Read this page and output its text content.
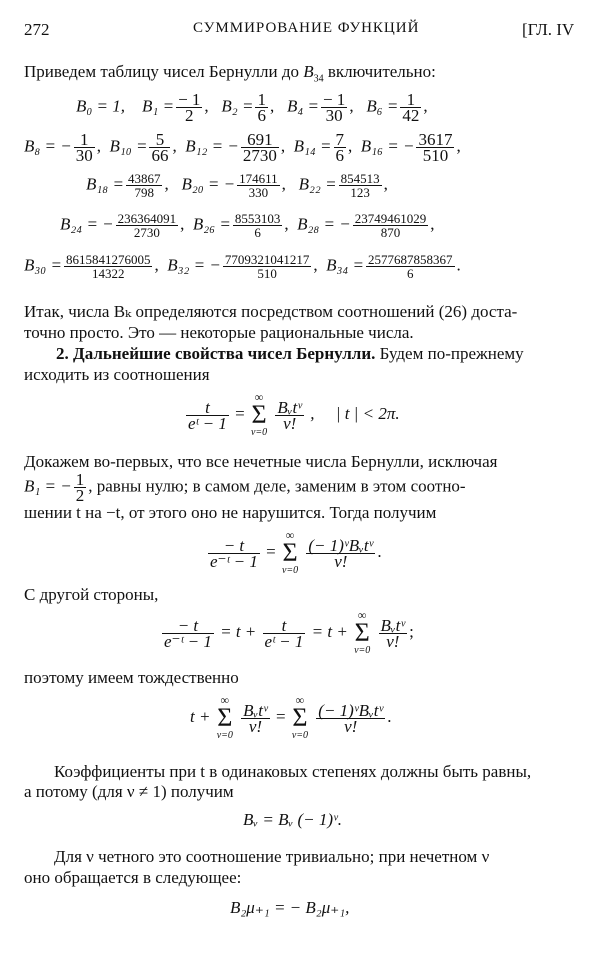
272	СУММИРОВАНИЕ ФУНКЦИЙ	[ГЛ. IV
Приведем таблицу чисел Бернулли до $B_{34}$ включительно:
B₀ = 1, $B_1 = \frac{- 1}{2}$ ,   $B_2 = \frac{1}{6}$ ,   $B_4 = \frac{- 1}{30}$ ,   $B_6 = \frac{1}{42}$ ,
B₈ = − $\frac{1}{30}$ ,  $B_{10} = \frac{5}{66}$ ,  B₁₂ = − $\frac{691}{2730}$ ,  $B_{14} = \frac{7}{6}$ ,  B₁₆ = − $\frac{3617}{510}$ ,
$B_{18} = \frac{43867}{798}$ ,   B₂₀ = − $\frac{174611}{330}$ ,   $B_{22} = \frac{854513}{123}$ ,
B₂₄ = − $\frac{236364091}{2730}$ ,  $B_{26} = \frac{8553103}{6}$ ,  B₂₈ = − $\frac{23749461029}{870}$ ,
$B_{30} = \frac{8615841276005}{14322}$ ,  B₃₂ = − $\frac{7709321041217}{510}$ ,  $B_{34} = \frac{2577687858367}{6}$ .
Итак, числа Bₖ определяются посредством соотношений (26) доста-
точно просто. Это — некоторые рациональные числа.
2. Дальнейшие свойства чисел Бернулли. Будем по-прежнему
исходить из соотношения
$\frac{t}{\text{eᵗ − 1}}$ =
∞
Σ
ν=0

$\frac{\text{Bᵥtᵛ}}{\nu!}$ ,     | t | < 2π.
Докажем во-первых, что все нечетные числа Бернулли, исключая
B₁ = − $\frac{1}{2}$ , равны нулю; в самом деле, заменим в этом соотно-
шении t на −t, от этого оно не нарушится. Тогда получим
$\frac{- t}{\text{e⁻ᵗ − 1}}$ =
∞
Σ
ν=0

$\frac{\text{(− 1)ᵛBᵥtᵛ}}{\nu!}$ .
С другой стороны,
$\frac{- t}{\text{e⁻ᵗ − 1}} = t + \frac{t}{\text{eᵗ − 1}} = t$ +
∞
Σ
ν=0

$\frac{\text{Bᵥtᵛ}}{\nu!}$ ;
поэтому имеем тождественно
t +
∞
Σ
ν=0

$\frac{\text{Bᵥtᵛ}}{\nu!}$ =
∞
Σ
ν=0

$\frac{\text{(− 1)ᵛBᵥtᵛ}}{\nu!}$ .
Коэффициенты при t в одинаковых степенях должны быть равны,
а потому (для ν ≠ 1) получим
Bᵥ = Bᵥ (− 1)ᵛ.
Для ν четного это соотношение тривиально; при нечетном ν
оно обращается в следующее:
B₂μ₊₁ = − B₂μ₊₁,
